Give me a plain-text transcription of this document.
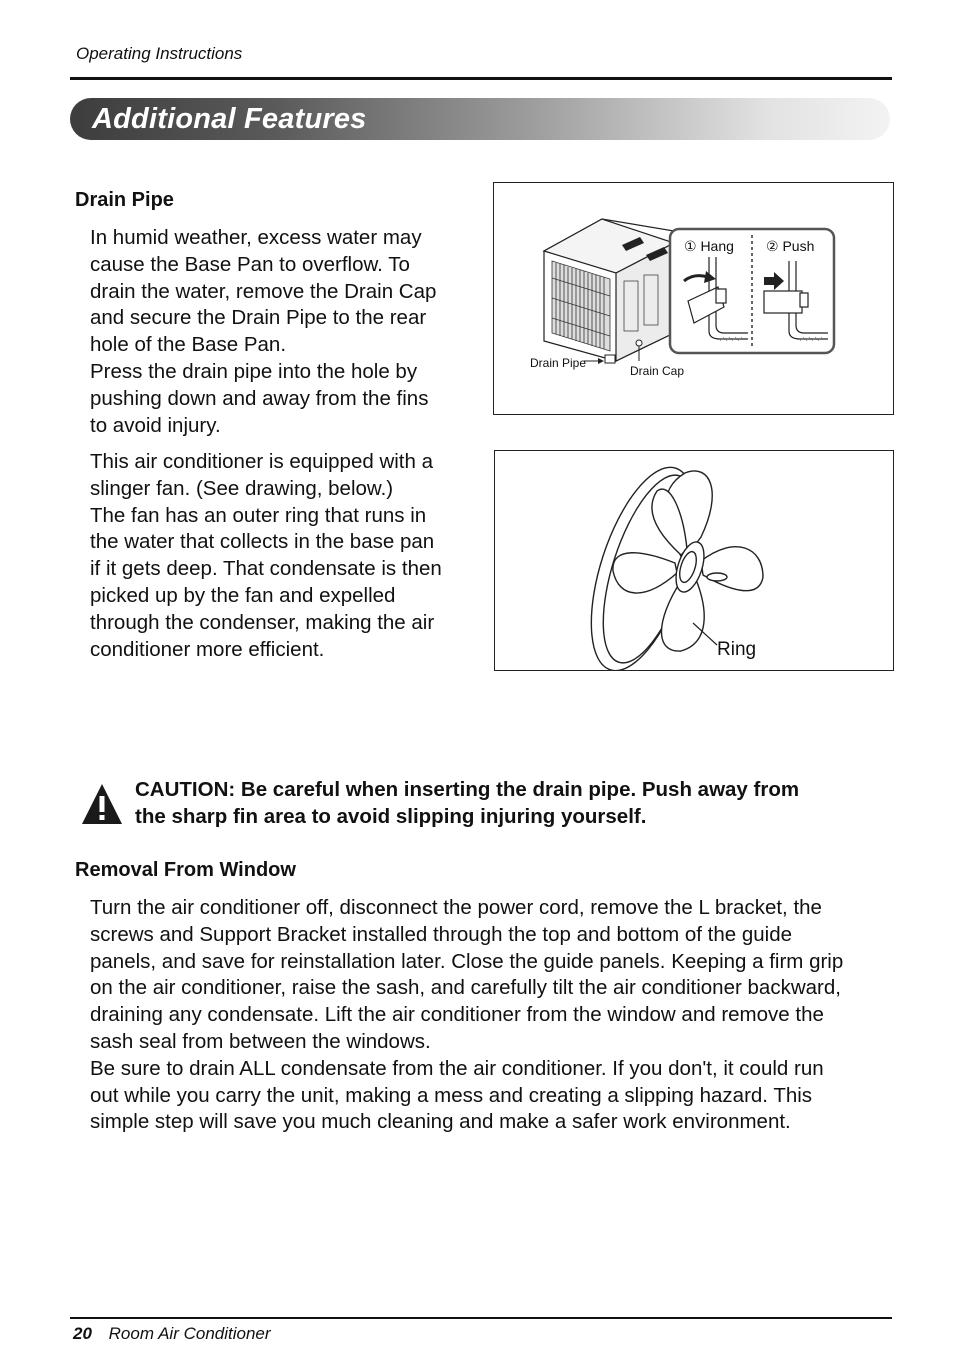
Operating Instructions
Additional Features
Drain Pipe
In humid weather, excess water may
cause the Base Pan to overflow. To
drain the water, remove the Drain Cap
and secure the Drain Pipe to the rear
hole of the Base Pan.
Press the drain pipe into the hole by
pushing down and away from the fins
to avoid injury.
This air conditioner is equipped with a
slinger fan. (See drawing, below.)
The fan has an outer ring that runs in
the water that collects in the base pan
if it gets deep. That condensate is then
picked up by the fan and expelled
through the condenser, making the air
conditioner more efficient.
① Hang ② Push
Drain Pipe
Drain Cap
Ring
CAUTION: Be careful when inserting the drain pipe. Push away from
the sharp fin area to avoid slipping injuring yourself.
Removal From Window
Turn the air conditioner off, disconnect the power cord, remove the L bracket, the
screws and Support Bracket installed through the top and bottom of the guide
panels, and save for reinstallation later. Close the guide panels. Keeping a firm grip
on the air conditioner, raise the sash, and carefully tilt the air conditioner backward,
draining any condensate. Lift the air conditioner from the window and remove the
sash seal from between the windows.
Be sure to drain ALL condensate from the air conditioner. If you don't, it could run
out while you carry the unit, making a mess and creating a slipping hazard. This
simple step will save you much cleaning and make a safer work environment.
20 Room Air Conditioner
